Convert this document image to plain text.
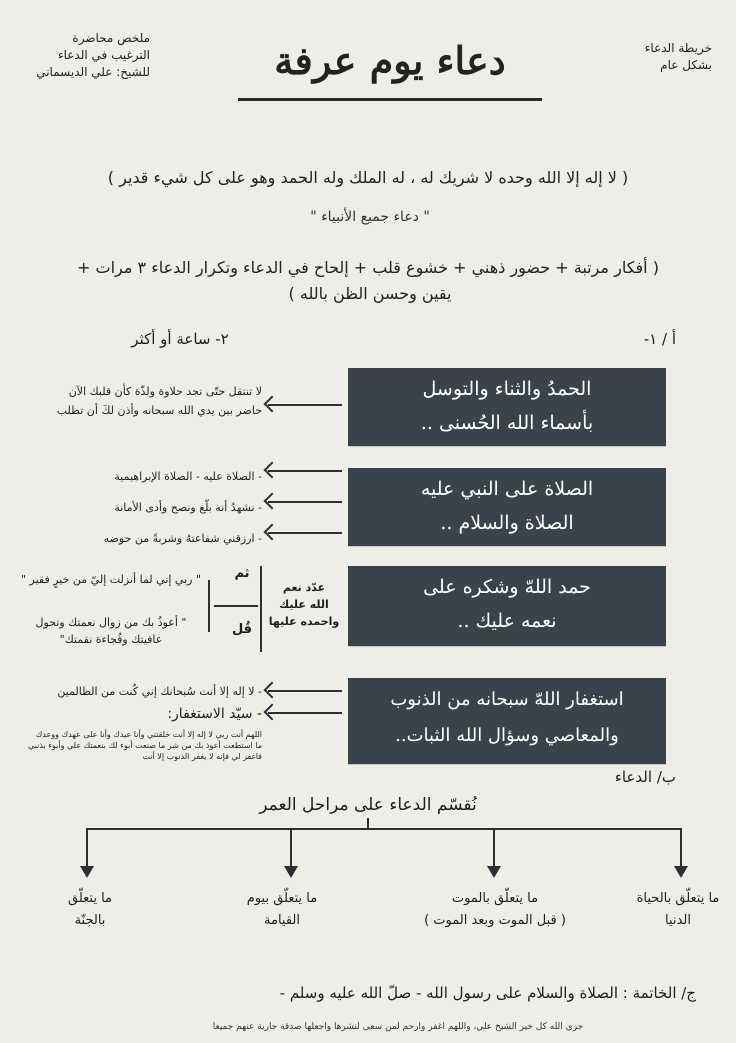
خريطة الدعاء
بشكل عام
ملخص محاضرة
الترغيب في الدعاء
للشيخ: علي الديسماني	دعاء يوم عرفة
( لا إله إلا الله وحده لا شريك له ، له الملك وله الحمد وهو على كل شيء قدير )
" دعاء جميع الأنبياء "
( أفكار مرتبة + حضور ذهني + خشوع قلب + إلحاح في الدعاء وتكرار الدعاء ٣ مرات +
يقين وحسن الظن بالله )
أ / ١-
٢- ساعة أو أكثر
الحمدُ والثناء والتوسل
بأسماء الله الحُسنى ..
لا تنتقل حتّى تجد حلاوة ولذّة كأن قلبك الآن
حاضر بين يدي الله سبحانه وأذن لكَ أن تطلب
الصلاة على النبي عليه
الصلاة والسلام ..
- الصلاة عليه - الصلاة الإبراهيمية
- نشهدُ أنه بلّغ ونصح وأدى الأمانة
- ارزقني شفاعتهُ وشربةً من حوضه
حمد اللهّ وشكره على
نعمه عليك ..
عدّد نعم
الله عليك
واحمده عليها
ثم
قُل
" ربي إني لما أنزلت إليّ من خيرٍ فقير "
" أعوذُ بك من زوال نعمتك وتحول
عافيتك وفُجاءة نقمتك"
استغفار اللهّ سبحانه من الذنوب
والمعاصي وسؤال الله الثبات..
- لا إله إلا أنت سُبحانك إني كُنت من الظالمين
- سيّد الاستغفار:
اللهم أنت ربي لا إله إلا أنت خلقتني وأنا عبدك وأنا على عهدك ووعدك
ما استطعت أعوذ بك من شر ما صنعت أبوء لك بنعمتك علي وأبوء بذنبي
فاغفر لي فإنه لا يغفر الذنوب إلا أنت
ب/ الدعاء
نُقسّم الدعاء على مراحل العمر
ما يتعلّق بالحياة
الدنيا
ما يتعلّق بالموت
( قبل الموت وبعد الموت )
ما يتعلّق بيوم
القيامة
ما يتعلّق
بالجنّة
ج/ الخاتمة : الصلاة والسلام على رسول الله - صلّ الله عليه وسلم -
جزى الله كل خير الشيخ علي، واللهم اغفر وارحم لمن سعى لنشرها واجعلها صدقة جارية عنهم جميعا
